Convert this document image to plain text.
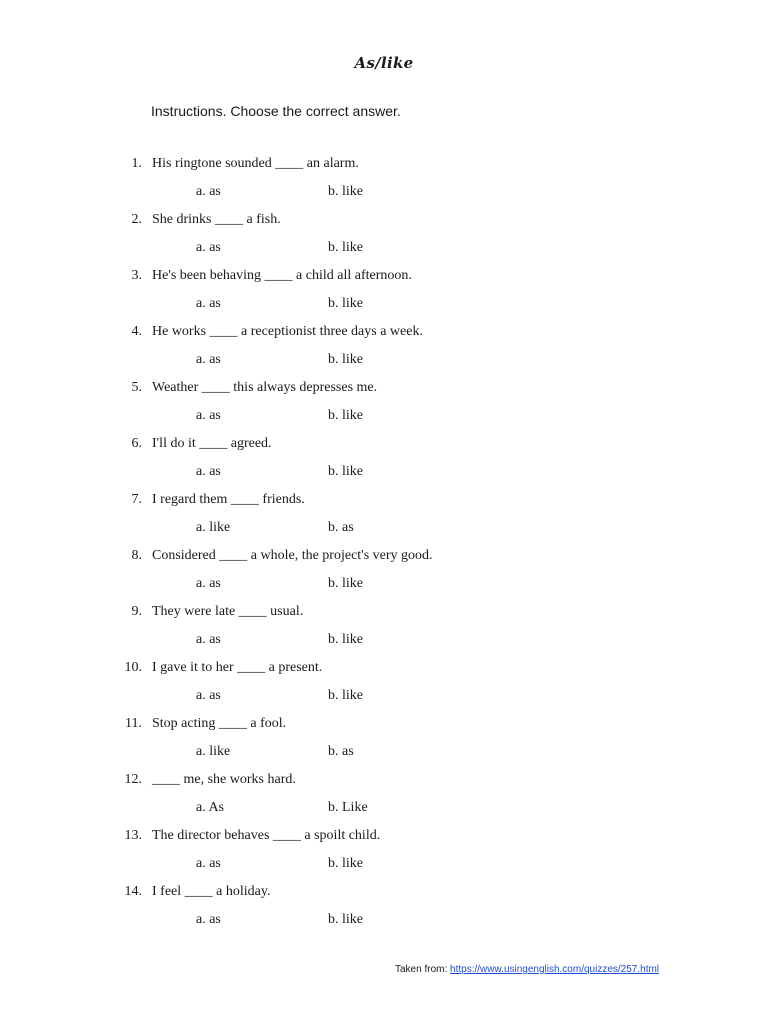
As/like
Instructions. Choose the correct answer.
1. His ringtone sounded ____ an alarm.
a. as	b. like
2. She drinks ____ a fish.
a. as	b. like
3. He's been behaving ____ a child all afternoon.
a. as	b. like
4. He works ____ a receptionist three days a week.
a. as	b. like
5. Weather ____ this always depresses me.
a. as	b. like
6. I'll do it ____ agreed.
a. as	b. like
7. I regard them ____ friends.
a. like	b. as
8. Considered ____ a whole, the project's very good.
a. as	b. like
9. They were late ____ usual.
a. as	b. like
10. I gave it to her ____ a present.
a. as	b. like
11. Stop acting ____ a fool.
a. like	b. as
12. ____ me, she works hard.
a. As	b. Like
13. The director behaves ____ a spoilt child.
a. as	b. like
14. I feel ____ a holiday.
a. as	b. like
Taken from: https://www.usingenglish.com/quizzes/257.html
